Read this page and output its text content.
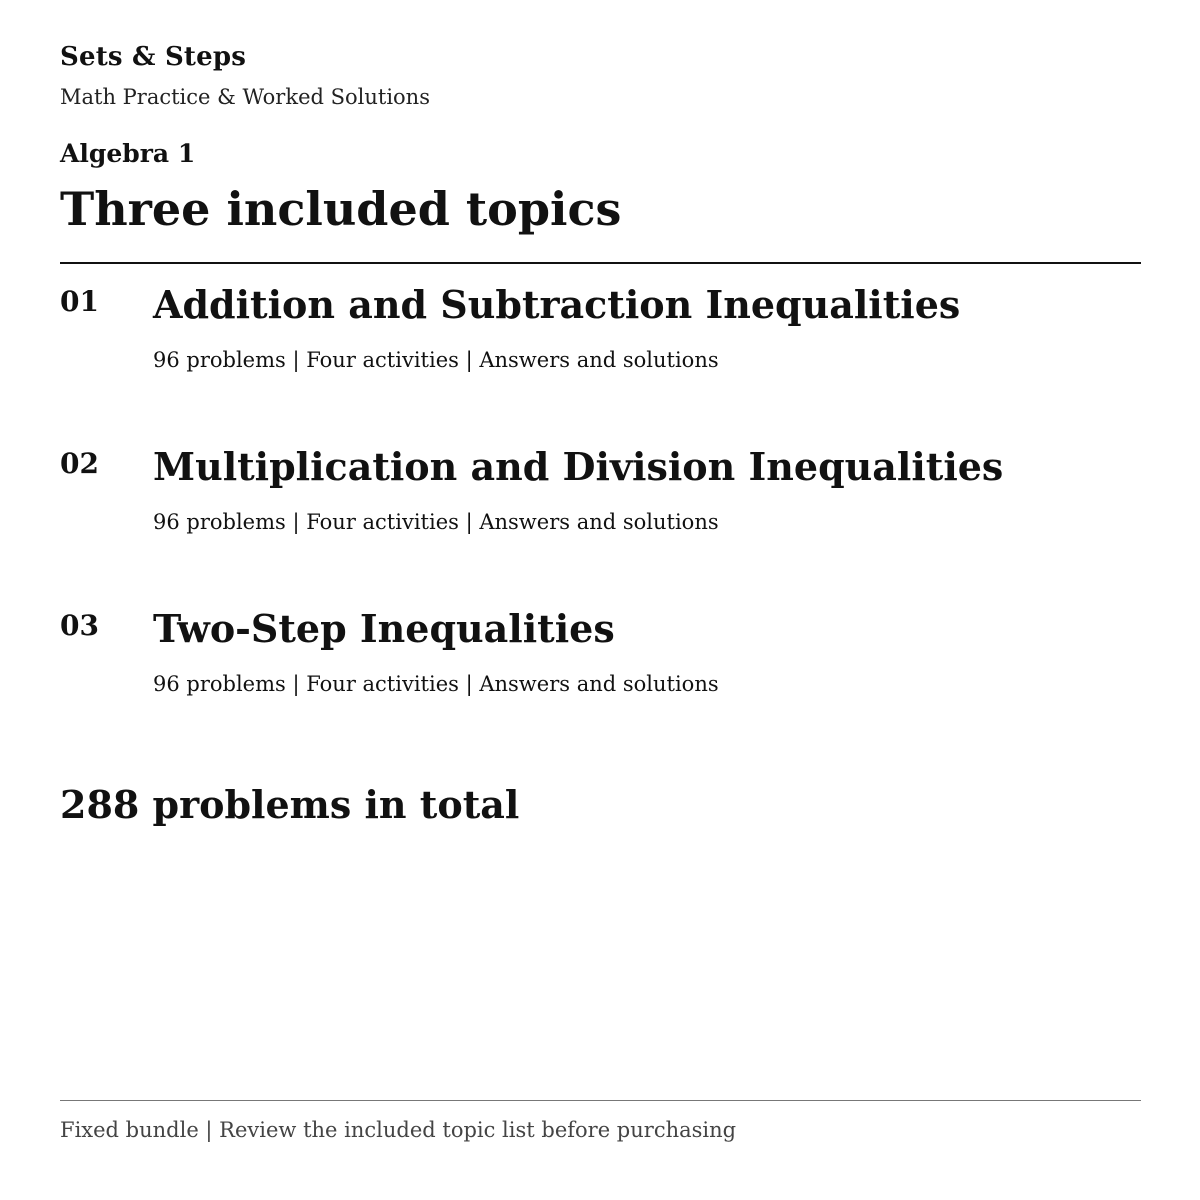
Sets & Steps
Math Practice & Worked Solutions
Algebra 1
Three included topics
01 Addition and Subtraction Inequalities
96 problems | Four activities | Answers and solutions
02 Multiplication and Division Inequalities
96 problems | Four activities | Answers and solutions
03 Two-Step Inequalities
96 problems | Four activities | Answers and solutions
288 problems in total
Fixed bundle | Review the included topic list before purchasing
